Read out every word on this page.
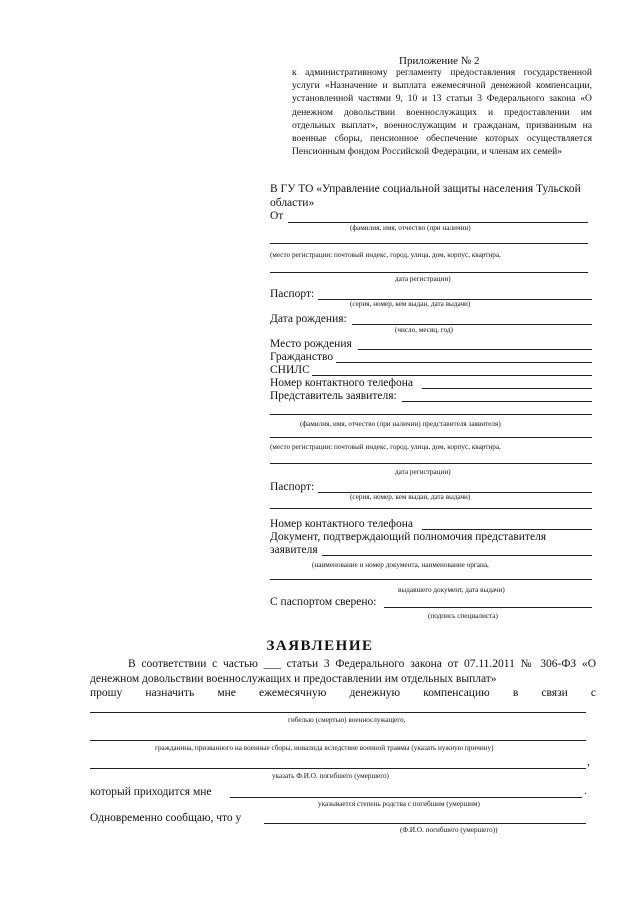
Приложение № 2
к административному регламенту предоставления государственной услуги «Назначение и выплата ежемесячной денежной компенсации, установленной частями 9, 10 и 13 статьи 3 Федерального закона «О денежном довольствии военнослужащих и предоставлении им отдельных выплат», военнослужащим и гражданам, призванным на военные сборы, пенсионное обеспечение которых осуществляется Пенсионным фондом Российской Федерации, и членам их семей»
В ГУ ТО «Управление социальной защиты населения Тульской области»
От
(фамилия, имя, отчество (при наличии)
(место регистрации: почтовый индекс, город, улица, дом, корпус, квартира,
дата регистрации)
Паспорт:
(серия, номер, кем выдан, дата выдачи)
Дата рождения:
(число, месяц, год)
Место рождения
Гражданство
СНИЛС
Номер контактного телефона
Представитель заявителя:
(фамилия, имя, отчество (при наличии) представителя заявителя)
(место регистрации: почтовый индекс, город, улица, дом, корпус, квартира,
дата регистрации)
Паспорт:
(серия, номер, кем выдан, дата выдачи)
Номер контактного телефона
Документ, подтверждающий полномочия представителя
заявителя
(наименование и номер документа, наименование органа,
выдавшего документ, дата выдачи)
С паспортом сверено:
(подпись специалиста)
ЗАЯВЛЕНИЕ

В соответствии с частью ___ статьи 3 Федерального закона от 07.11.2011 № 306-ФЗ «О денежном довольствии военнослужащих и предоставлении им отдельных выплат»

прошу назначить мне ежемесячную денежную компенсацию в связи с

гибелью (смертью) военнослужащего,
гражданина, призванного на военные сборы, инвалида вследствие военной травмы (указать нужную причину)
,
указать Ф.И.О. погибшего (умершего)
который приходится мне	.
указывается степень родства с погибшим (умершим)
Одновременно сообщаю, что у
(Ф.И.О. погибшего (умершего))
